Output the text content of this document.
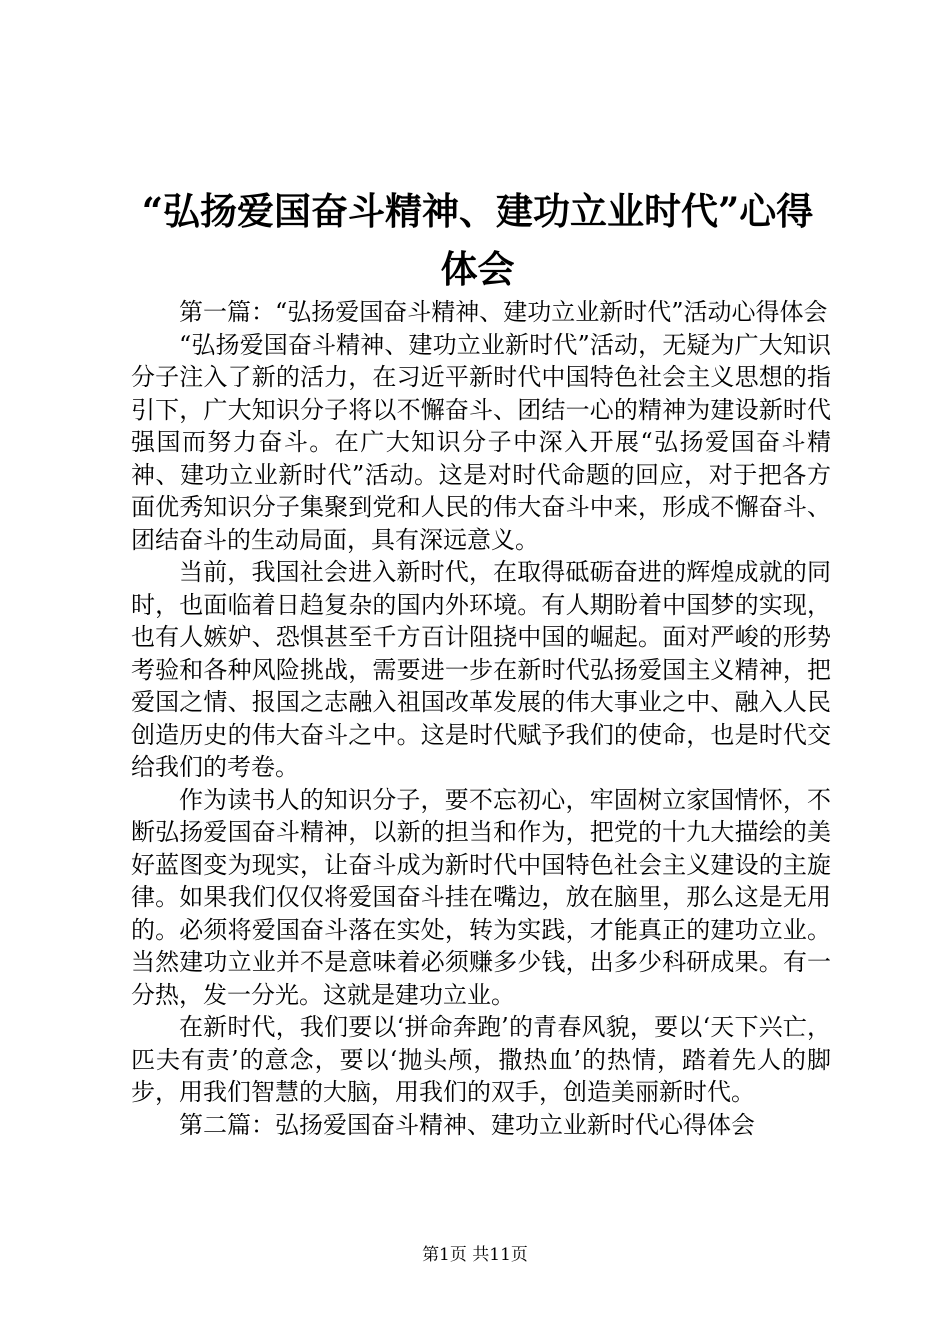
“弘扬爱国奋斗精神、建功立业时代”心得体会

第一篇：“弘扬爱国奋斗精神、建功立业新时代”活动心得体会

“弘扬爱国奋斗精神、建功立业新时代”活动，无疑为广大知识分子注入了新的活力，在习近平新时代中国特色社会主义思想的指引下，广大知识分子将以不懈奋斗、团结一心的精神为建设新时代强国而努力奋斗。在广大知识分子中深入开展“弘扬爱国奋斗精神、建功立业新时代”活动。这是对时代命题的回应，对于把各方面优秀知识分子集聚到党和人民的伟大奋斗中来，形成不懈奋斗、团结奋斗的生动局面，具有深远意义。

当前，我国社会进入新时代，在取得砥砺奋进的辉煌成就的同时，也面临着日趋复杂的国内外环境。有人期盼着中国梦的实现，也有人嫉妒、恐惧甚至千方百计阻挠中国的崛起。面对严峻的形势考验和各种风险挑战，需要进一步在新时代弘扬爱国主义精神，把爱国之情、报国之志融入祖国改革发展的伟大事业之中、融入人民创造历史的伟大奋斗之中。这是时代赋予我们的使命，也是时代交给我们的考卷。

作为读书人的知识分子，要不忘初心，牢固树立家国情怀，不断弘扬爱国奋斗精神，以新的担当和作为，把党的十九大描绘的美好蓝图变为现实，让奋斗成为新时代中国特色社会主义建设的主旋律。如果我们仅仅将爱国奋斗挂在嘴边，放在脑里，那么这是无用的。必须将爱国奋斗落在实处，转为实践，才能真正的建功立业。当然建功立业并不是意味着必须赚多少钱，出多少科研成果。有一分热，发一分光。这就是建功立业。

在新时代，我们要以‘拼命奔跑’的青春风貌，要以‘天下兴亡，匹夫有责’的意念，要以‘抛头颅，撒热血’的热情，踏着先人的脚步，用我们智慧的大脑，用我们的双手，创造美丽新时代。

第二篇：弘扬爱国奋斗精神、建功立业新时代心得体会

第1页 共11页
